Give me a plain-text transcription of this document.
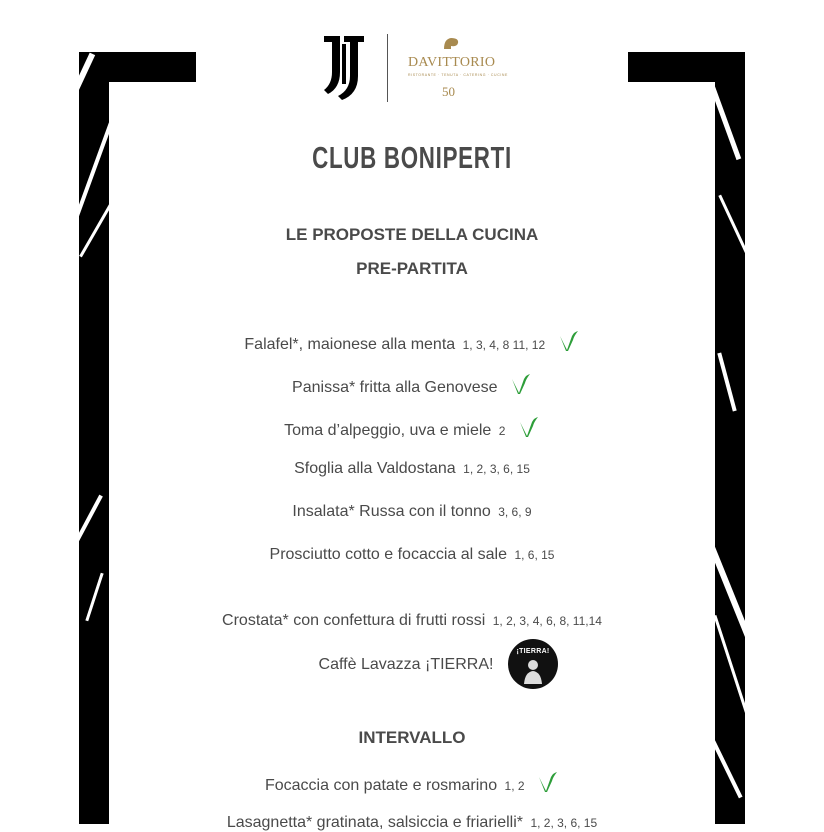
DAVITTORIO
RISTORANTE · TENUTA · CATERING · CUCINE
50
CLUB BONIPERTI
LE PROPOSTE DELLA CUCINA
PRE-PARTITA
Falafel*, maionese alla menta 1, 3, 4, 8 11, 12
Panissa* fritta alla Genovese
Toma d’alpeggio, uva e miele 2
Sfoglia alla Valdostana 1, 2, 3, 6, 15
Insalata* Russa con il tonno 3, 6, 9
Prosciutto cotto e focaccia al sale 1, 6, 15
Crostata* con confettura di frutti rossi 1, 2, 3, 4, 6, 8, 11,14
Caffè Lavazza ¡TIERRA!
¡TIERRA!
INTERVALLO
Focaccia con patate e rosmarino 1, 2
Lasagnetta* gratinata, salsiccia e friarielli* 1, 2, 3, 6, 15
